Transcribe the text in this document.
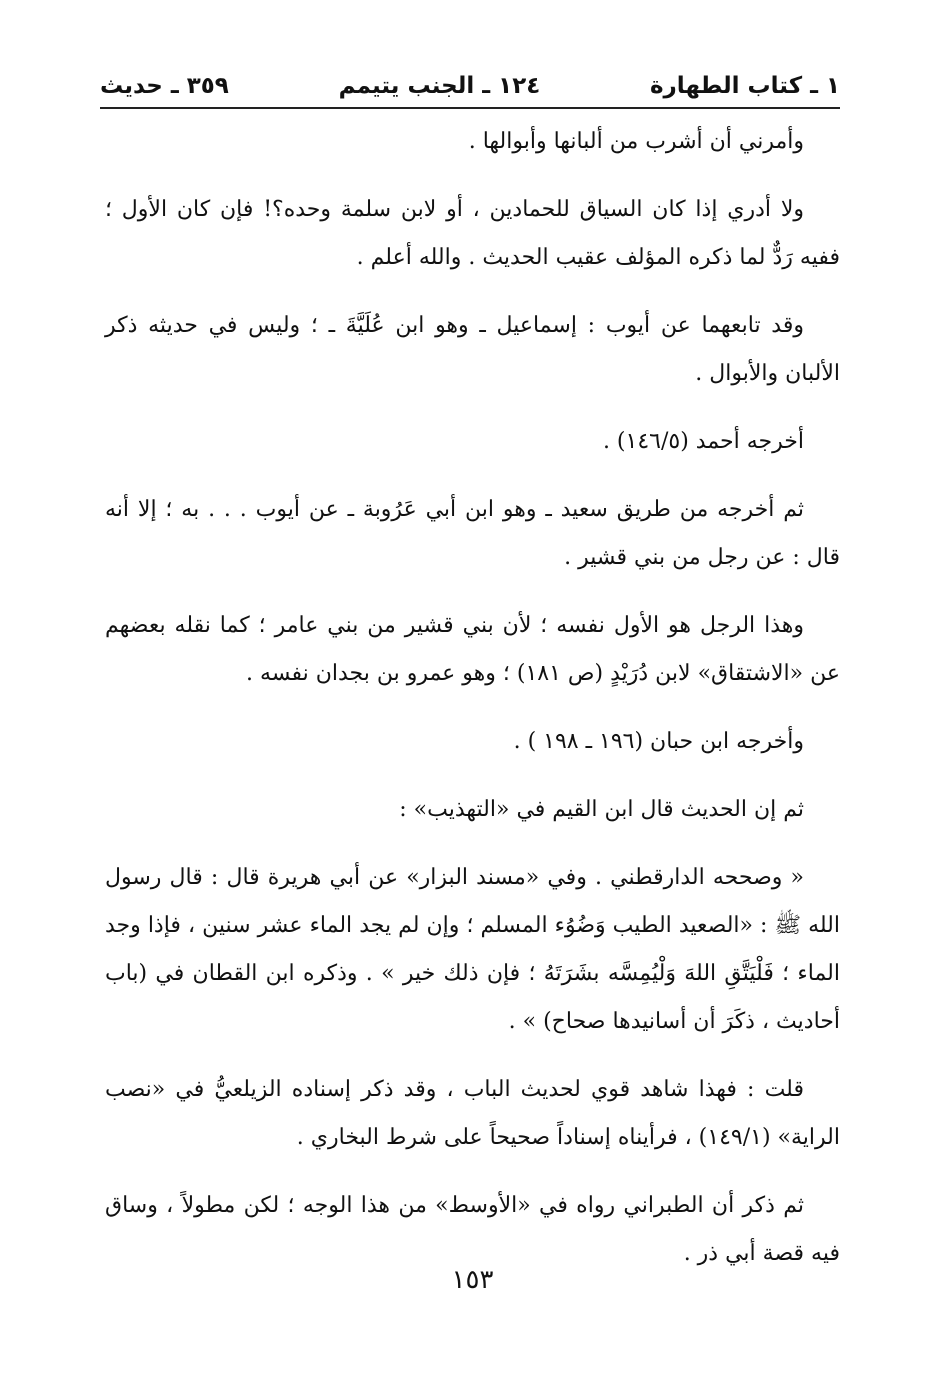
١ ـ كتاب الطهارة
١٢٤ ـ الجنب يتيمم
٣٥٩ ـ حديث

وأمرني أن أشرب من ألبانها وأبوالها .

ولا أدري إذا كان السياق للحمادين ، أو لابن سلمة وحده؟! فإن كان الأول ؛ ففيه رَدٌّ لما ذكره المؤلف عقيب الحديث . والله أعلم .

وقد تابعهما عن أيوب : إسماعيل ـ وهو ابن عُلَيَّةَ ـ ؛ وليس في حديثه ذكر الألبان والأبوال .

أخرجه أحمد (١٤٦/٥) .

ثم أخرجه من طريق سعيد ـ وهو ابن أبي عَرُوبة ـ عن أيوب . . . به ؛ إلا أنه قال : عن رجل من بني قشير .

وهذا الرجل هو الأول نفسه ؛ لأن بني قشير من بني عامر ؛ كما نقله بعضهم عن «الاشتقاق» لابن دُرَيْدٍ (ص ١٨١) ؛ وهو عمرو بن بجدان نفسه .

وأخرجه ابن حبان (١٩٦ ـ ١٩٨ ) .

ثم إن الحديث قال ابن القيم في «التهذيب» :

« وصححه الدارقطني . وفي «مسند البزار» عن أبي هريرة قال : قال رسول الله ﷺ : «الصعيد الطيب وَضُوُء المسلم ؛ وإن لم يجد الماء عشر سنين ، فإذا وجد الماء ؛ فَلْيَتَّقِ اللهَ وَلْيُمِسَّه بشَرَتَهُ ؛ فإن ذلك خير » . وذكره ابن القطان في (باب أحاديث ، ذكَرَ أن أسانيدها صحاح) » .

قلت : فهذا شاهد قوي لحديث الباب ، وقد ذكر إسناده الزيلعيُّ في «نصب الراية» (١٤٩/١) ، فرأيناه إسناداً صحيحاً على شرط البخاري .

ثم ذكر أن الطبراني رواه في «الأوسط» من هذا الوجه ؛ لكن مطولاً ، وساق فيه قصة أبي ذر .

١٥٣
